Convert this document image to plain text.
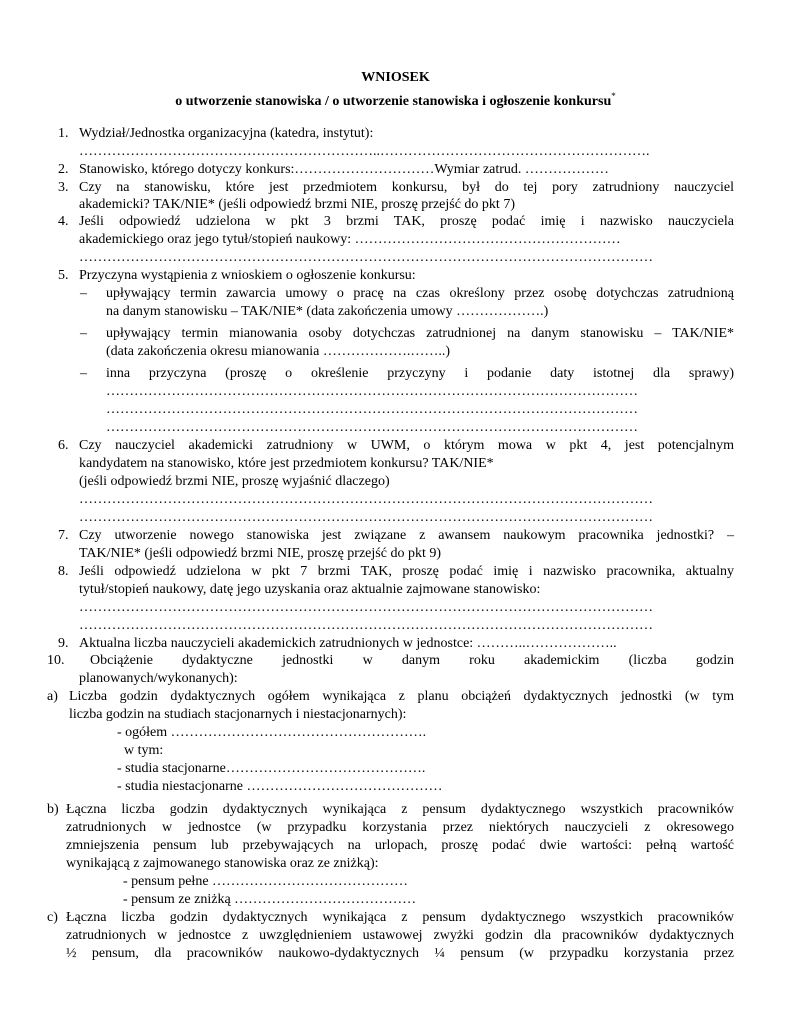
WNIOSEK
o utworzenie stanowiska / o utworzenie stanowiska i ogłoszenie konkursu*
1. Wydział/Jednostka organizacyjna (katedra, instytut):
………………………………………………………..………………………………………………….
2. Stanowisko, którego dotyczy konkurs:…………………………Wymiar zatrud. ………………
3. Czy na stanowisku, które jest przedmiotem konkursu, był do tej pory zatrudniony nauczyciel
akademicki? TAK/NIE* (jeśli odpowiedź brzmi NIE, proszę przejść do pkt 7)
4. Jeśli odpowiedź udzielona w pkt 3 brzmi TAK, proszę podać imię i nazwisko nauczyciela
akademickiego oraz jego tytuł/stopień naukowy: …………………………………………………
……………………………………………………………………………………………………………
5. Przyczyna wystąpienia z wnioskiem o ogłoszenie konkursu:
– upływający termin zawarcia umowy o pracę na czas określony przez osobę dotychczas zatrudnioną
na danym stanowisku – TAK/NIE* (data zakończenia umowy ……………….)
– upływający termin mianowania osoby dotychczas zatrudnionej na danym stanowisku – TAK/NIE*
(data zakończenia okresu mianowania ……………….……..)
– inna przyczyna (proszę o określenie przyczyny i podanie daty istotnej dla sprawy)
……………………………………………………………………………………………………
……………………………………………………………………………………………………
……………………………………………………………………………………………………
6. Czy nauczyciel akademicki zatrudniony w UWM, o którym mowa w pkt 4, jest potencjalnym
kandydatem na stanowisko, które jest przedmiotem konkursu? TAK/NIE*
(jeśli odpowiedź brzmi NIE, proszę wyjaśnić dlaczego)
……………………………………………………………………………………………………………
……………………………………………………………………………………………………………
7. Czy utworzenie nowego stanowiska jest związane z awansem naukowym pracownika jednostki? –
TAK/NIE* (jeśli odpowiedź brzmi NIE, proszę przejść do pkt 9)
8. Jeśli odpowiedź udzielona w pkt 7 brzmi TAK, proszę podać imię i nazwisko pracownika, aktualny
tytuł/stopień naukowy, datę jego uzyskania oraz aktualnie zajmowane stanowisko:
……………………………………………………………………………………………………………
……………………………………………………………………………………………………………
9. Aktualna liczba nauczycieli akademickich zatrudnionych w jednostce: ………..………………..
10. Obciążenie dydaktyczne jednostki w danym roku akademickim (liczba godzin
planowanych/wykonanych):
a) Liczba godzin dydaktycznych ogółem wynikająca z planu obciążeń dydaktycznych jednostki (w tym
liczba godzin na studiach stacjonarnych i niestacjonarnych):
- ogółem ……………………………………………….
w tym:
- studia stacjonarne…………………………………….
- studia niestacjonarne ……………………………………
b) Łączna liczba godzin dydaktycznych wynikająca z pensum dydaktycznego wszystkich pracowników
zatrudnionych w jednostce (w przypadku korzystania przez niektórych nauczycieli z okresowego
zmniejszenia pensum lub przebywających na urlopach, proszę podać dwie wartości: pełną wartość
wynikającą z zajmowanego stanowiska oraz ze zniżką):
- pensum pełne ……………………………………
- pensum ze zniżką …………………………………
c) Łączna liczba godzin dydaktycznych wynikająca z pensum dydaktycznego wszystkich pracowników
zatrudnionych w jednostce z uwzględnieniem ustawowej zwyżki godzin dla pracowników dydaktycznych
½ pensum, dla pracowników naukowo-dydaktycznych ¼ pensum (w przypadku korzystania przez
